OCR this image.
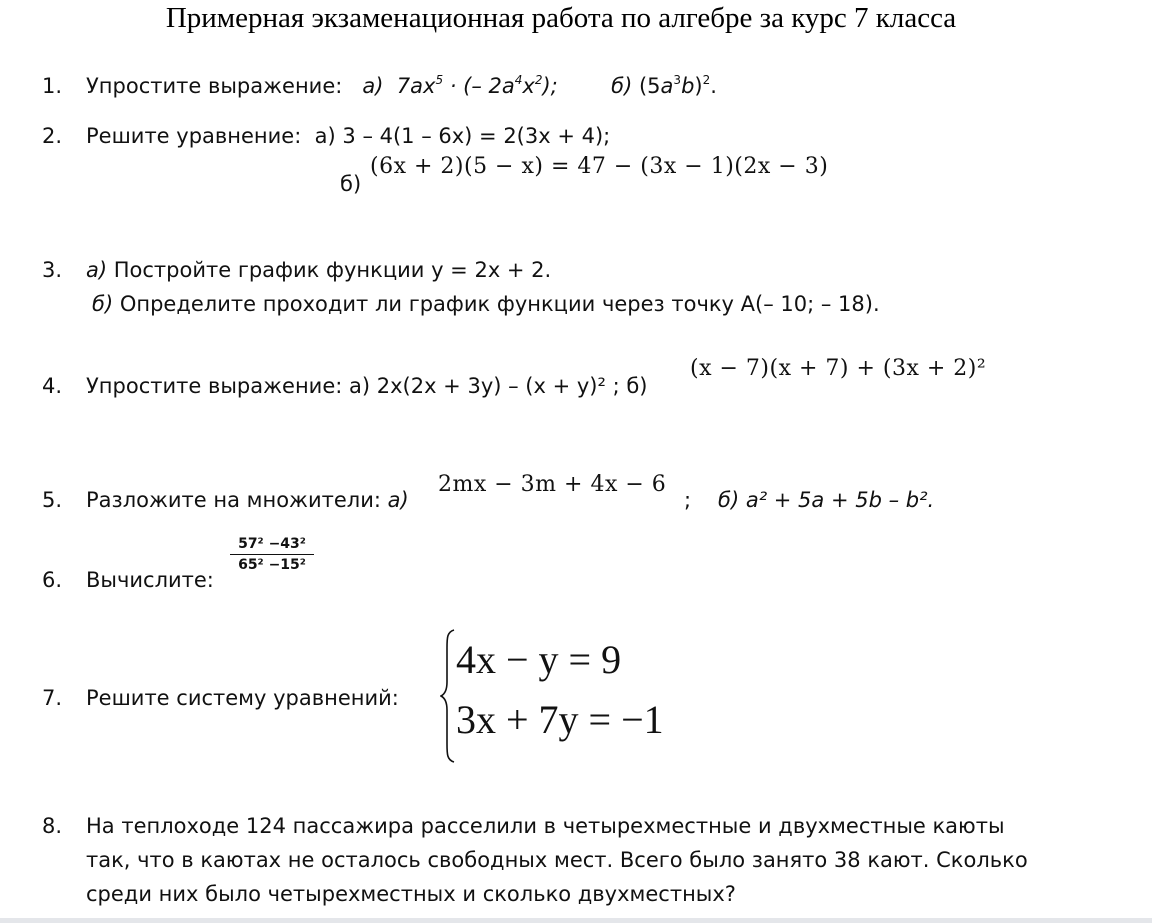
Примерная экзаменационная работа по алгебре за курс 7 класса
1. Упростите выражение: а) $7ax^5$ · (– $2a^4x^2$);	б) $(5a^3b)^2$.
2. Решите уравнение: а) 3 – 4(1 – 6x) = 2(3x + 4);
б)
(6x + 2)(5 − x) = 47 − (3x − 1)(2x − 3)
3. а) Постройте график функции y = 2x + 2.
б) Определите проходит ли график функции через точку А(– 10; – 18).
4. Упростите выражение: а) 2x(2x + 3y) – (x + y)² ; б)
(x − 7)(x + 7) + (3x + 2)²
5. Разложите на множители: а)
2mx − 3m + 4x − 6
; б) a² + 5a + 5b – b².
6. Вычислите:
57² −43²
65² −15²
7. Решите систему уравнений:
4x − y = 9
3x + 7y = −1
8. На теплоходе 124 пассажира расселили в четырехместные и двухместные каюты
так, что в каютах не осталось свободных мест. Всего было занято 38 кают. Сколько
среди них было четырехместных и сколько двухместных?
